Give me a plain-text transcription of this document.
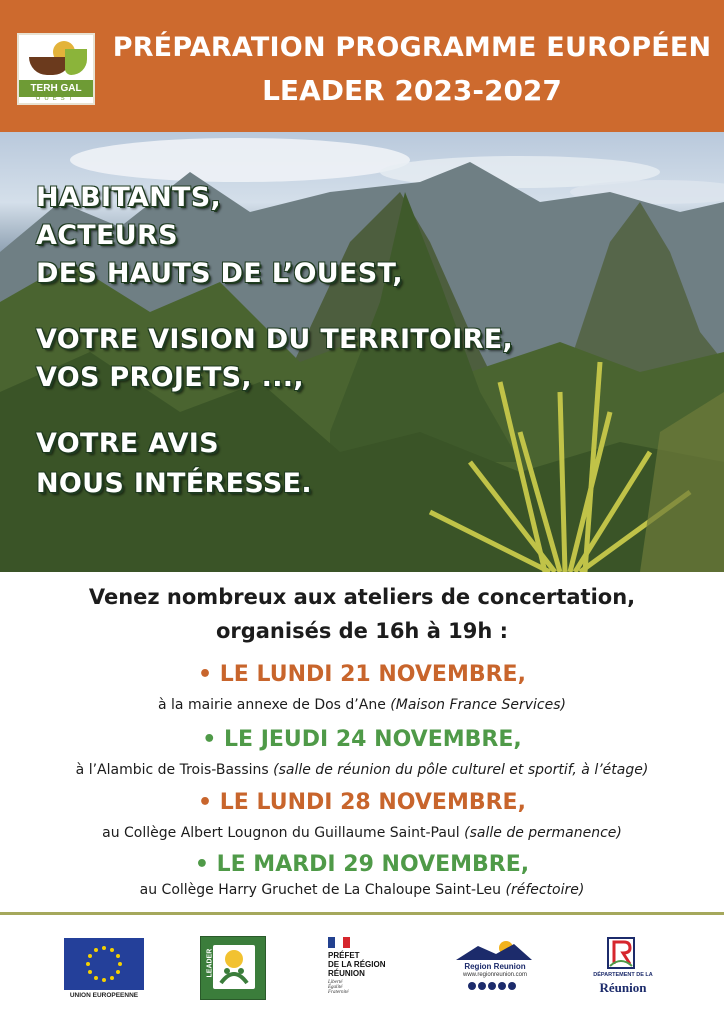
TERH GAL
OUEST
PRÉPARATION PROGRAMME EUROPÉEN
LEADER 2023-2027
HABITANTS,
ACTEURS
DES HAUTS DE L’OUEST,
VOTRE VISION DU TERRITOIRE,
VOS PROJETS, ...,
VOTRE AVIS
NOUS INTÉRESSE.
Venez nombreux aux ateliers de concertation,
organisés de 16h à 19h :
• LE LUNDI 21 NOVEMBRE,
à la mairie annexe de Dos d’Ane (Maison France Services)
• LE JEUDI 24 NOVEMBRE,
à l’Alambic de Trois-Bassins (salle de réunion du pôle culturel et sportif, à l’étage)
• LE LUNDI 28 NOVEMBRE,
au Collège Albert Lougnon du Guillaume Saint-Paul (salle de permanence)
• LE MARDI 29 NOVEMBRE,
au Collège Harry Gruchet de La Chaloupe Saint-Leu (réfectoire)
UNION EUROPEENNE
LEADER	PRÉFET
DE LA RÉGION
RÉUNION
Liberté
Égalité
Fraternité
Region Reunion
www.regionreunion.com	DÉPARTEMENT DE LA
Réunion
